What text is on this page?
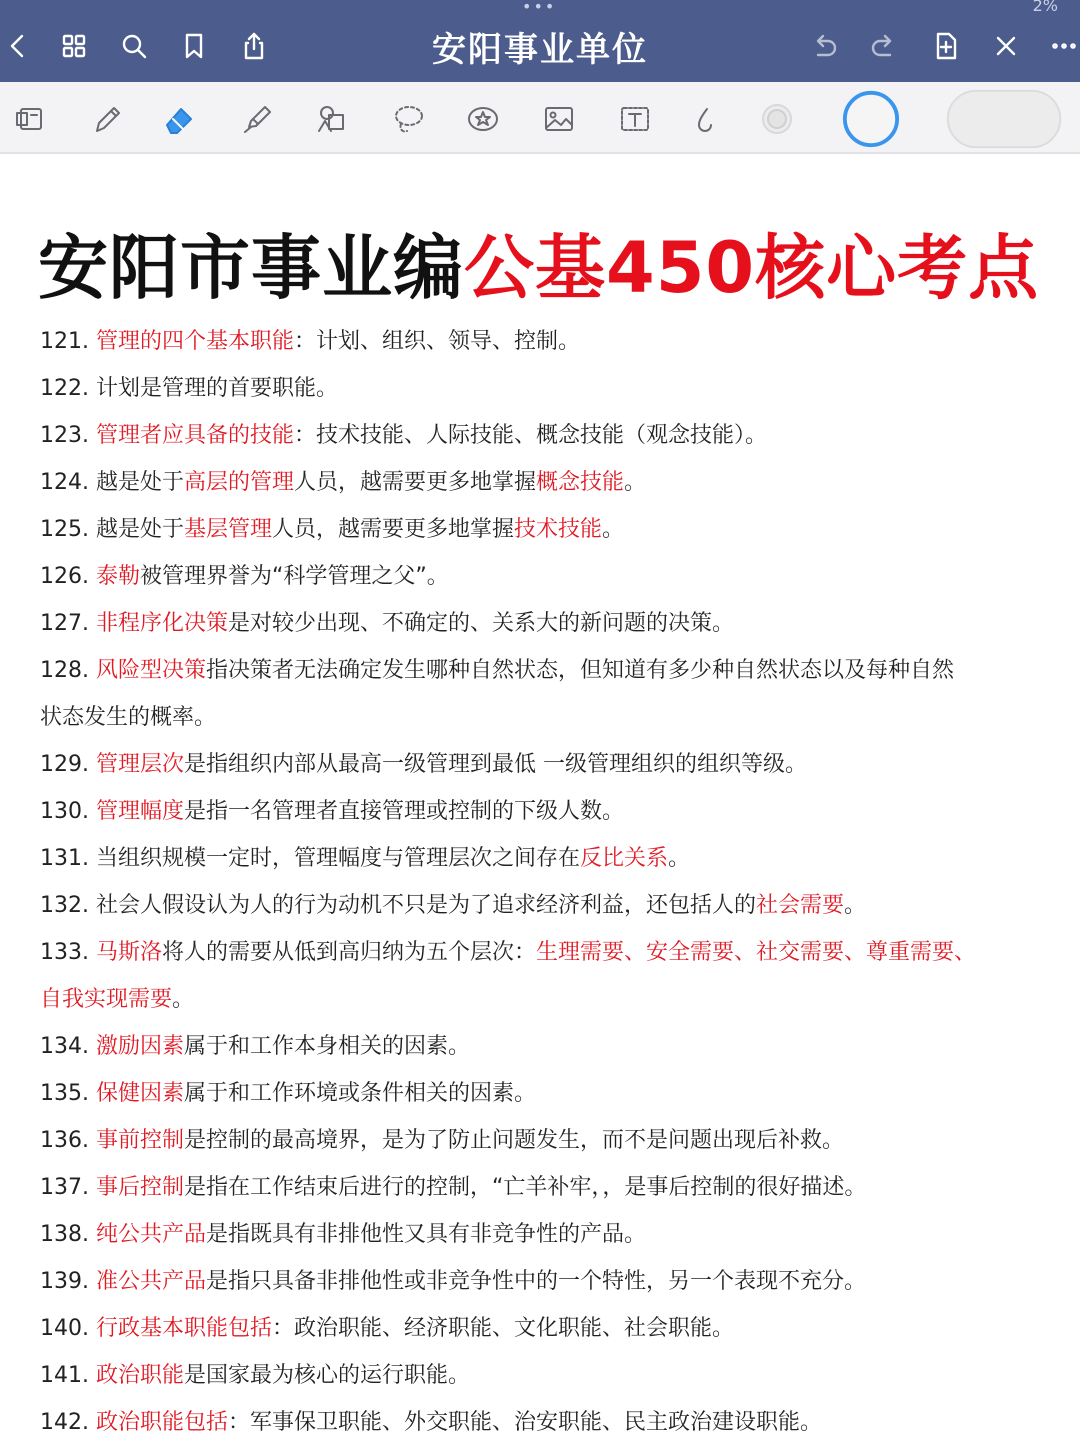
•••	2%
安阳事业单位
安阳市事业编公基450核心考点
121. 管理的四个基本职能：计划、组织、领导、控制。
122. 计划是管理的首要职能。
123. 管理者应具备的技能：技术技能、人际技能、概念技能（观念技能）。
124. 越是处于高层的管理人员，越需要更多地掌握概念技能。
125. 越是处于基层管理人员，越需要更多地掌握技术技能。
126. 泰勒被管理界誉为“科学管理之父”。
127. 非程序化决策是对较少出现、不确定的、关系大的新问题的决策。
128. 风险型决策指决策者无法确定发生哪种自然状态，但知道有多少种自然状态以及每种自然
状态发生的概率。
129. 管理层次是指组织内部从最高一级管理到最低 一级管理组织的组织等级。
130. 管理幅度是指一名管理者直接管理或控制的下级人数。
131. 当组织规模一定时，管理幅度与管理层次之间存在反比关系。
132. 社会人假设认为人的行为动机不只是为了追求经济利益，还包括人的社会需要。
133. 马斯洛将人的需要从低到高归纳为五个层次：生理需要、安全需要、社交需要、尊重需要、
自我实现需要。
134. 激励因素属于和工作本身相关的因素。
135. 保健因素属于和工作环境或条件相关的因素。
136. 事前控制是控制的最高境界，是为了防止问题发生，而不是问题出现后补救。
137. 事后控制是指在工作结束后进行的控制，“亡羊补牢，，是事后控制的很好描述。
138. 纯公共产品是指既具有非排他性又具有非竞争性的产品。
139. 准公共产品是指只具备非排他性或非竞争性中的一个特性，另一个表现不充分。
140. 行政基本职能包括：政治职能、经济职能、文化职能、社会职能。
141. 政治职能是国家最为核心的运行职能。
142. 政治职能包括：军事保卫职能、外交职能、治安职能、民主政治建设职能。
